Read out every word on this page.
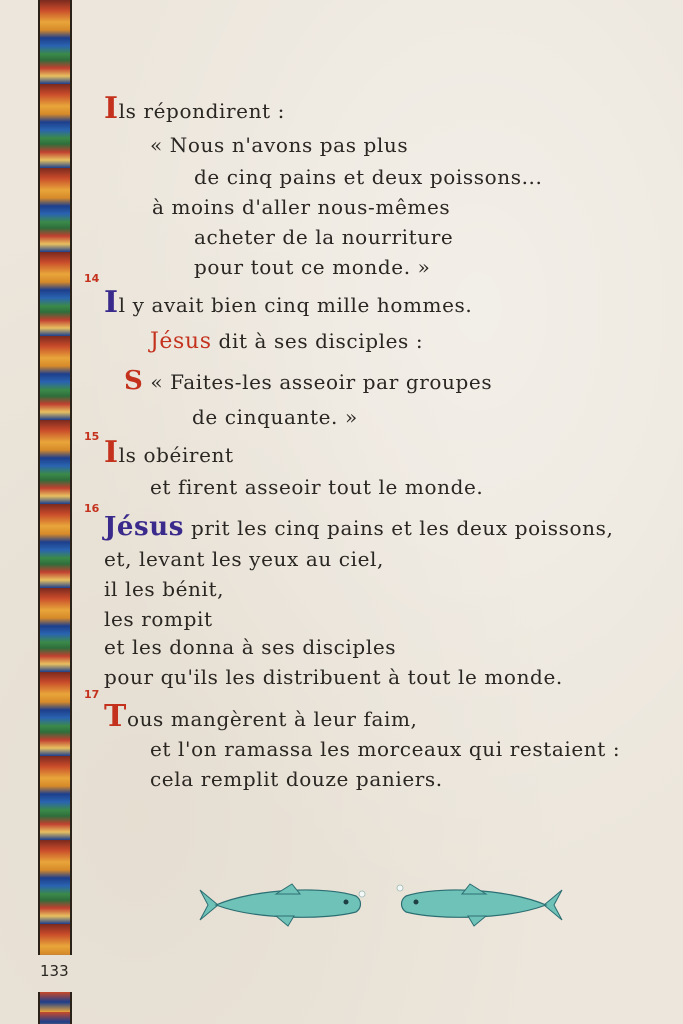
14
15
16
17
Ils répondirent :
« Nous n'avons pas plus
de cinq pains et deux poissons...
à moins d'aller nous-mêmes
acheter de la nourriture
pour tout ce monde. »
Il y avait bien cinq mille hommes.
Jésus dit à ses disciples :
S « Faites-les asseoir par groupes
de cinquante. »
Ils obéirent
et firent asseoir tout le monde.
Jésus prit les cinq pains et les deux poissons,
et, levant les yeux au ciel,
il les bénit,
les rompit
et les donna à ses disciples
pour qu'ils les distribuent à tout le monde.
Tous mangèrent à leur faim,
et l'on ramassa les morceaux qui restaient :
cela remplit douze paniers.
133
